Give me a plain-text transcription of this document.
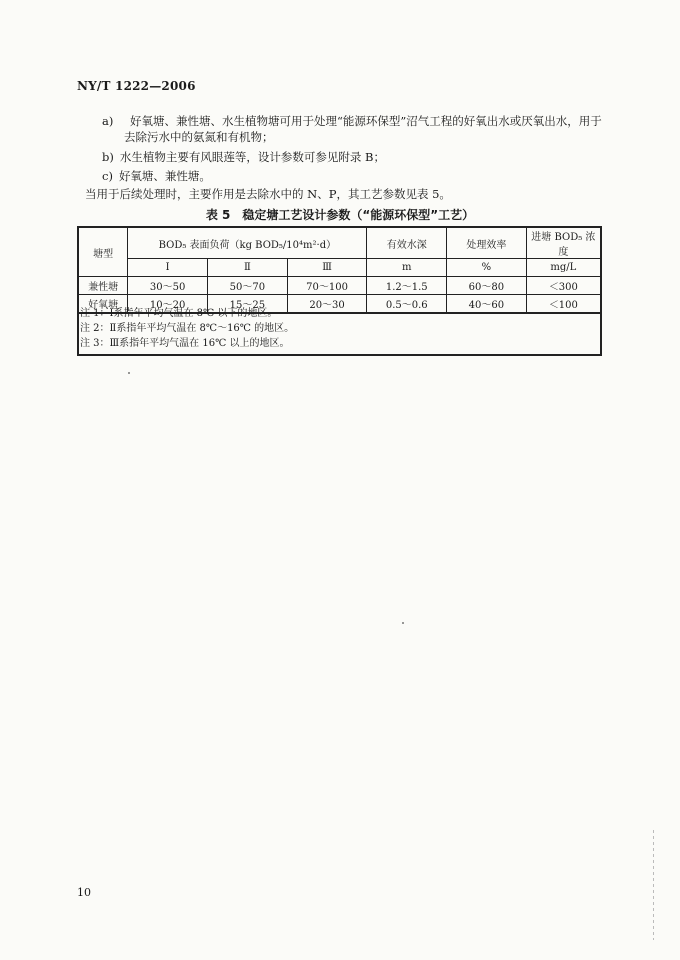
NY/T 1222—2006
a) 好氧塘、兼性塘、水生植物塘可用于处理“能源环保型”沼气工程的好氧出水或厌氧出水，用于
去除污水中的氨氮和有机物；
b) 水生植物主要有风眼莲等，设计参数可参见附录 B；
c) 好氧塘、兼性塘。
当用于后续处理时，主要作用是去除水中的 N、P，其工艺参数见表 5。
表 5　稳定塘工艺设计参数（“能源环保型”工艺）
塘型	BOD₅ 表面负荷（kg BOD₅/10⁴m²·d）			有效水深	处理效率	进塘 BOD₅ 浓度
	Ⅰ	Ⅱ	Ⅲ	m	%	mg/L
兼性塘	30～50	50～70	70～100	1.2～1.5	60～80	＜300
好氧塘	10～20	15～25	20～30	0.5～0.6	40～60	＜100
注 1：Ⅰ系指年平均气温在 8℃ 以下的地区。
注 2：Ⅱ系指年平均气温在 8℃～16℃ 的地区。
注 3：Ⅲ系指年平均气温在 16℃ 以上的地区。
10
